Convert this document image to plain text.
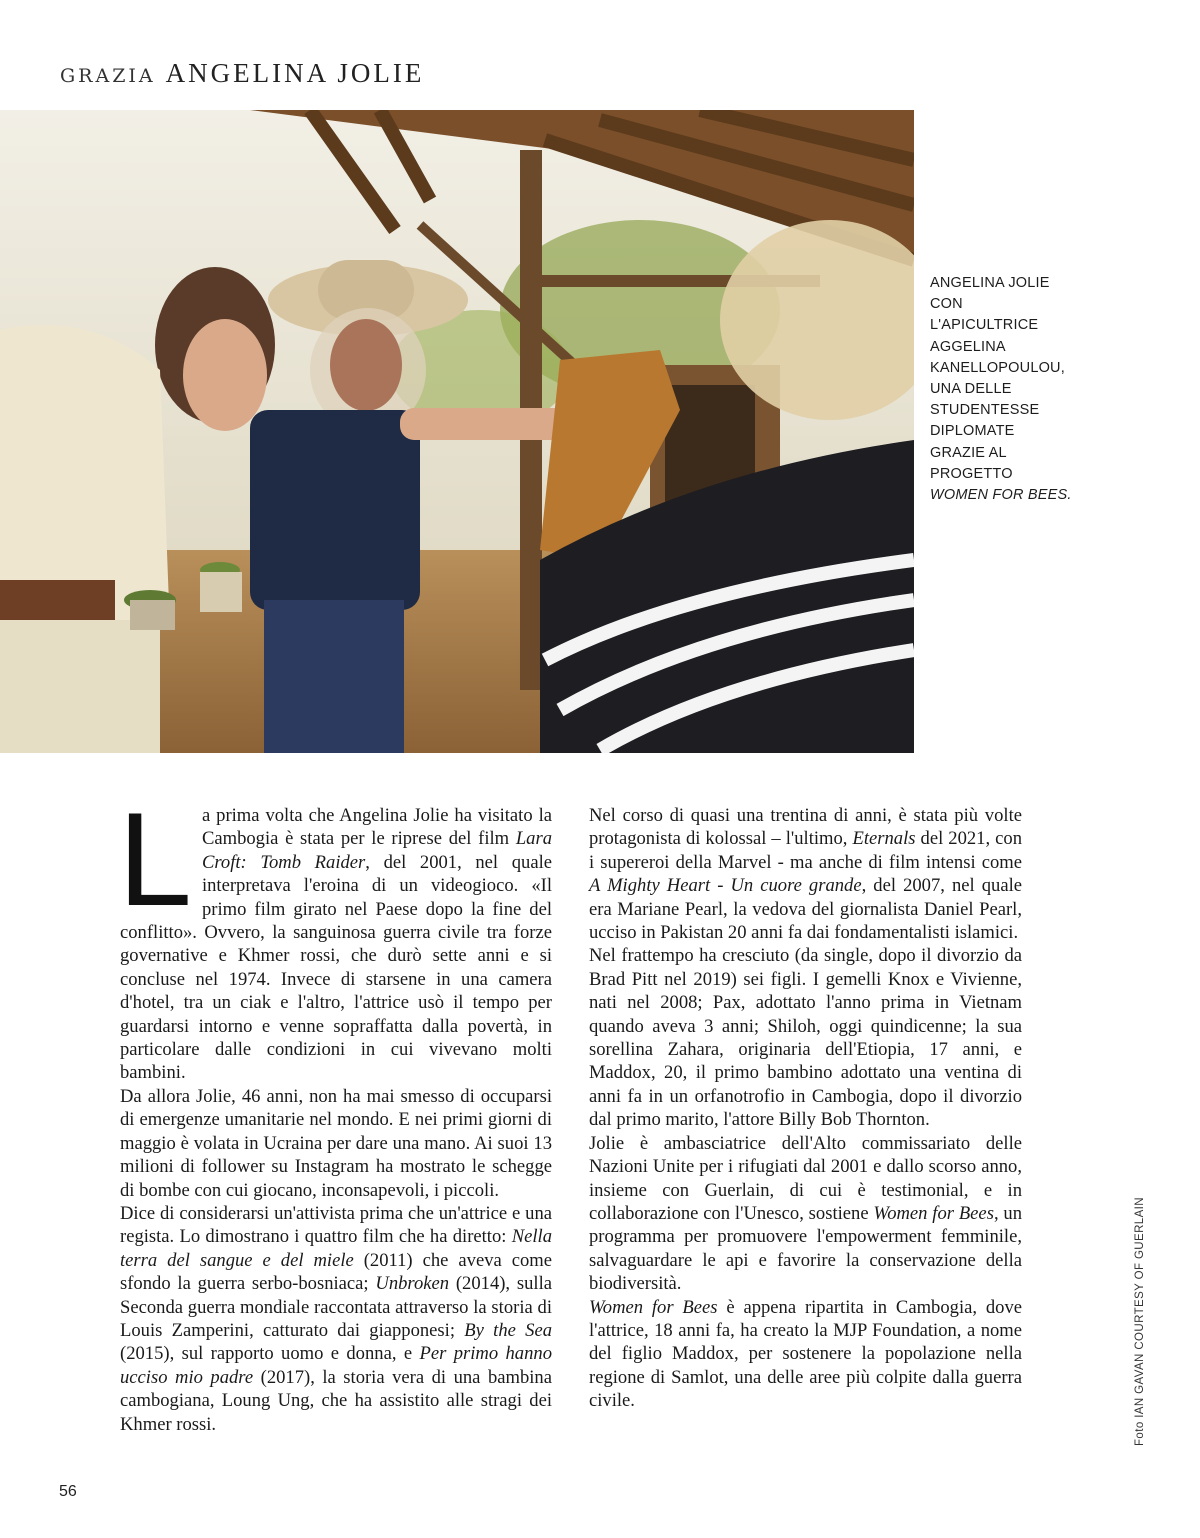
GRAZIA ANGELINA JOLIE
ANGELINA JOLIE
CON
L'APICULTRICE
AGGELINA
KANELLOPOULOU,
UNA DELLE
STUDENTESSE
DIPLOMATE
GRAZIE AL
PROGETTO
WOMEN FOR BEES.

La prima volta che Angelina Jolie ha visitato la Cambogia è stata per le riprese del film Lara Croft: Tomb Raider, del 2001, nel quale interpretava l'eroina di un videogioco. «Il primo film girato nel Paese dopo la fine del conflitto». Ovvero, la sanguinosa guerra civile tra forze governative e Khmer rossi, che durò sette anni e si concluse nel 1974. Invece di starsene in una camera d'hotel, tra un ciak e l'altro, l'attrice usò il tempo per guardarsi intorno e venne sopraffatta dalla povertà, in particolare dalle condizioni in cui vivevano molti bambini.

Da allora Jolie, 46 anni, non ha mai smesso di occuparsi di emergenze umanitarie nel mondo. E nei primi giorni di maggio è volata in Ucraina per dare una mano. Ai suoi 13 milioni di follower su Instagram ha mostrato le schegge di bombe con cui giocano, inconsapevoli, i piccoli.

Dice di considerarsi un'attivista prima che un'attrice e una regista. Lo dimostrano i quattro film che ha diretto: Nella terra del sangue e del miele (2011) che aveva come sfondo la guerra serbo-bosniaca; Unbroken (2014), sulla Seconda guerra mondiale raccontata attraverso la storia di Louis Zamperini, catturato dai giapponesi; By the Sea (2015), sul rapporto uomo e donna, e Per primo hanno ucciso mio padre (2017), la storia vera di una bambina cambogiana, Loung Ung, che ha assistito alle stragi dei Khmer rossi.

Nel corso di quasi una trentina di anni, è stata più volte protagonista di kolossal – l'ultimo, Eternals del 2021, con i supereroi della Marvel - ma anche di film intensi come A Mighty Heart - Un cuore grande, del 2007, nel quale era Mariane Pearl, la vedova del giornalista Daniel Pearl, ucciso in Pakistan 20 anni fa dai fondamentalisti islamici.

Nel frattempo ha cresciuto (da single, dopo il divorzio da Brad Pitt nel 2019) sei figli. I gemelli Knox e Vivienne, nati nel 2008; Pax, adottato l'anno prima in Vietnam quando aveva 3 anni; Shiloh, oggi quindicenne; la sua sorellina Zahara, originaria dell'Etiopia, 17 anni, e Maddox, 20, il primo bambino adottato una ventina di anni fa in un orfanotrofio in Cambogia, dopo il divorzio dal primo marito, l'attore Billy Bob Thornton.

Jolie è ambasciatrice dell'Alto commissariato delle Nazioni Unite per i rifugiati dal 2001 e dallo scorso anno, insieme con Guerlain, di cui è testimonial, e in collaborazione con l'Unesco, sostiene Women for Bees, un programma per promuovere l'empowerment femminile, salvaguardare le api e favorire la conservazione della biodiversità.

Women for Bees è appena ripartita in Cambogia, dove l'attrice, 18 anni fa, ha creato la MJP Foundation, a nome del figlio Maddox, per sostenere la popolazione nella regione di Samlot, una delle aree più colpite dalla guerra civile.	Foto IAN GAVAN COURTESY OF GUERLAIN
56
